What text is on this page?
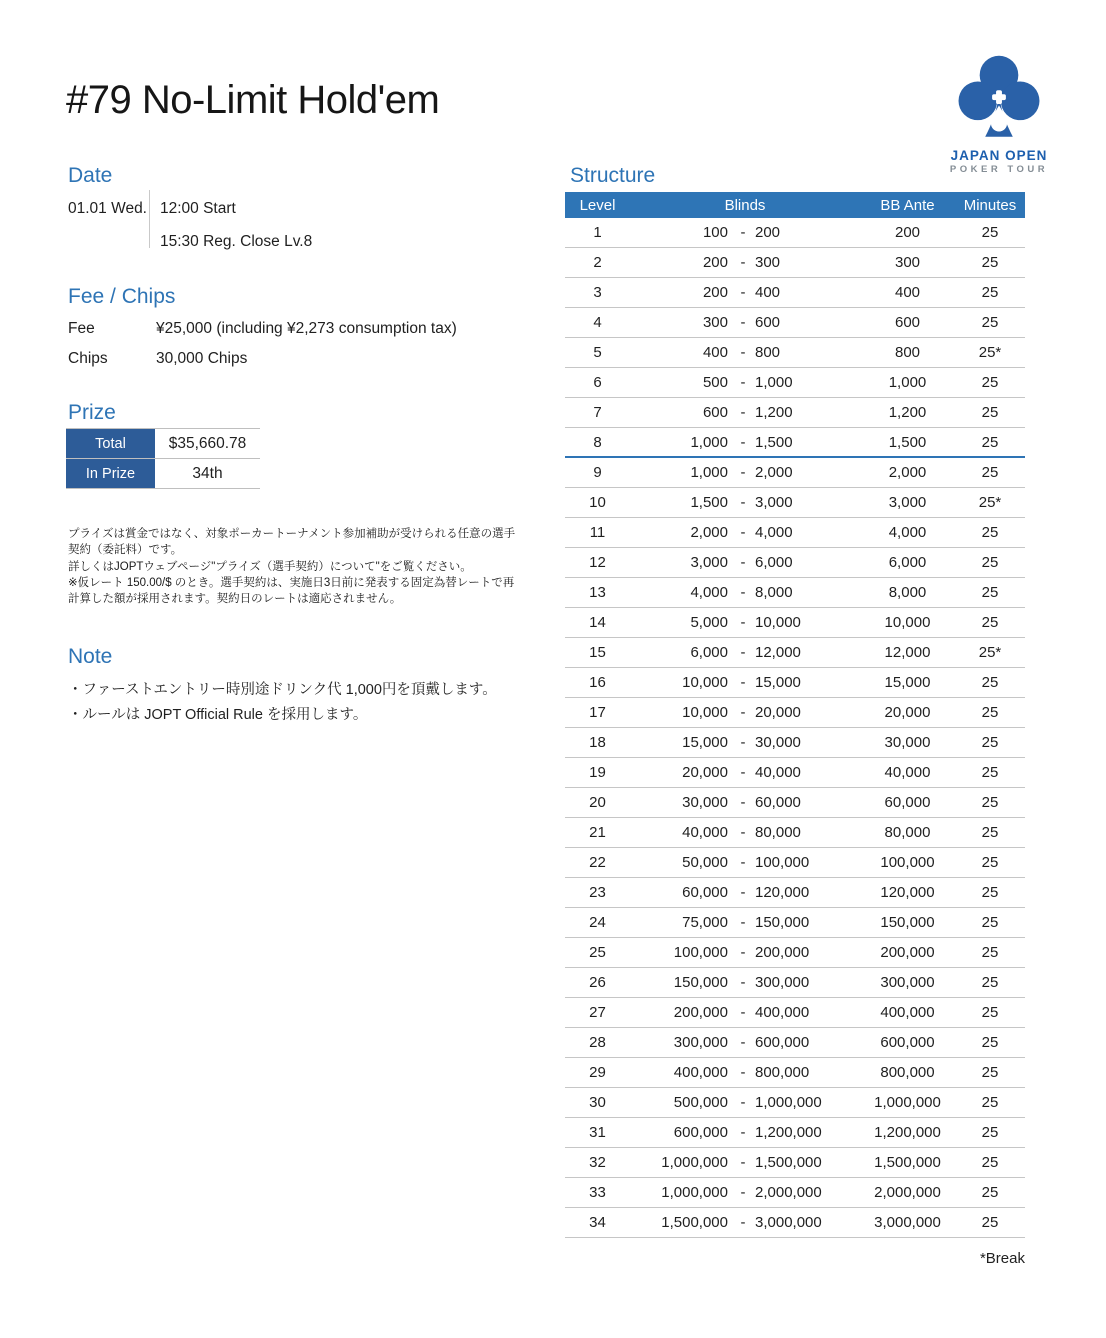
#79 No-Limit Hold'em
JAPAN OPEN
POKER TOUR
Date
01.01 Wed. 12:00 Start
15:30 Reg. Close Lv.8
Fee / Chips
Fee	¥25,000 (including ¥2,273 consumption tax)
Chips	30,000 Chips
Prize
Total	$35,660.78
In Prize	34th
プライズは賞金ではなく、対象ポーカートーナメント参加補助が受けられる任意の選手契約（委託料）です。
詳しくはJOPTウェブページ"プライズ（選手契約）について"をご覧ください。
※仮レート 150.00/$ のとき。選手契約は、実施日3日前に発表する固定為替レートで再計算した額が採用されます。契約日のレートは適応されません。
Note
・ファーストエントリー時別途ドリンク代 1,000円を頂戴します。
・ルールは JOPT Official Rule を採用します。
Structure
Level	Blinds	BB Ante	Minutes
1	100 - 200	200	25
2	200 - 300	300	25
3	200 - 400	400	25
4	300 - 600	600	25
5	400 - 800	800	25*
6	500 - 1,000	1,000	25
7	600 - 1,200	1,200	25
8	1,000 - 1,500	1,500	25
9	1,000 - 2,000	2,000	25
10	1,500 - 3,000	3,000	25*
11	2,000 - 4,000	4,000	25
12	3,000 - 6,000	6,000	25
13	4,000 - 8,000	8,000	25
14	5,000 - 10,000	10,000	25
15	6,000 - 12,000	12,000	25*
16	10,000 - 15,000	15,000	25
17	10,000 - 20,000	20,000	25
18	15,000 - 30,000	30,000	25
19	20,000 - 40,000	40,000	25
20	30,000 - 60,000	60,000	25
21	40,000 - 80,000	80,000	25
22	50,000 - 100,000	100,000	25
23	60,000 - 120,000	120,000	25
24	75,000 - 150,000	150,000	25
25	100,000 - 200,000	200,000	25
26	150,000 - 300,000	300,000	25
27	200,000 - 400,000	400,000	25
28	300,000 - 600,000	600,000	25
29	400,000 - 800,000	800,000	25
30	500,000 - 1,000,000	1,000,000	25
31	600,000 - 1,200,000	1,200,000	25
32	1,000,000 - 1,500,000	1,500,000	25
33	1,000,000 - 2,000,000	2,000,000	25
34	1,500,000 - 3,000,000	3,000,000	25
*Break
